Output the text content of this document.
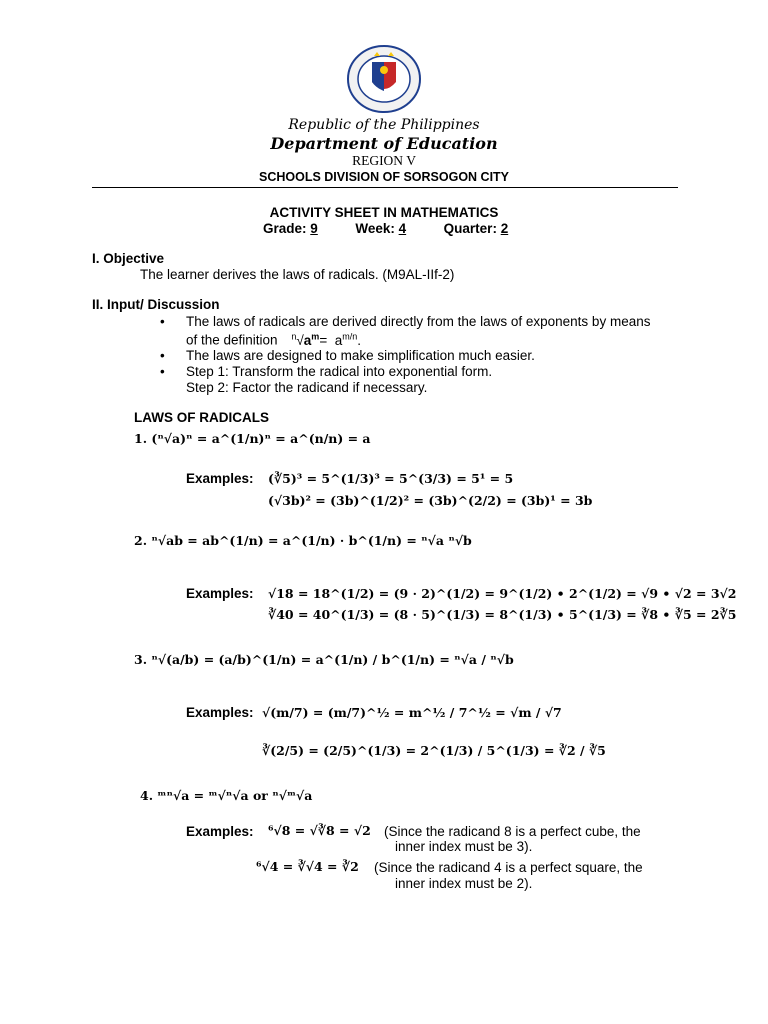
Republic of the Philippines
Department of Education
REGION V
SCHOOLS DIVISION OF SORSOGON CITY
ACTIVITY SHEET IN MATHEMATICS
Grade: 9	Week: 4	Quarter: 2
I. Objective
The learner derives the laws of radicals. (M9AL-IIf-2)
II. Input/ Discussion
• The laws of radicals are derived directly from the laws of exponents by means
of the definition $^n√a^m= a^{m/n}$.
• The laws are designed to make simplification much easier.
• Step 1: Transform the radical into exponential form.
Step 2: Factor the radicand if necessary.
LAWS OF RADICALS
1. (ⁿ√a)ⁿ = a^(1/n)ⁿ = a^(n/n) = a
Examples: (∛5)³ = 5^(1/3)³ = 5^(3/3) = 5¹ = 5
(√3b)² = (3b)^(1/2)² = (3b)^(2/2) = (3b)¹ = 3b
2. ⁿ√ab = ab^(1/n) = a^(1/n) · b^(1/n) = ⁿ√a ⁿ√b
Examples: √18 = 18^(1/2) = (9 · 2)^(1/2) = 9^(1/2) • 2^(1/2) = √9 • √2 = 3√2
∛40 = 40^(1/3) = (8 · 5)^(1/3) = 8^(1/3) • 5^(1/3) = ∛8 • ∛5 = 2∛5
3. ⁿ√(a/b) = (a/b)^(1/n) = a^(1/n) / b^(1/n) = ⁿ√a / ⁿ√b
Examples: √(m/7) = (m/7)^½ = m^½ / 7^½ = √m / √7
∛(2/5) = (2/5)^(1/3) = 2^(1/3) / 5^(1/3) = ∛2 / ∛5
4. ᵐⁿ√a = ᵐ√ⁿ√a or ⁿ√ᵐ√a
Examples: ⁶√8 = √∛8 = √2 (Since the radicand 8 is a perfect cube, the
inner index must be 3).
⁶√4 = ∛√4 = ∛2 (Since the radicand 4 is a perfect square, the
inner index must be 2).
